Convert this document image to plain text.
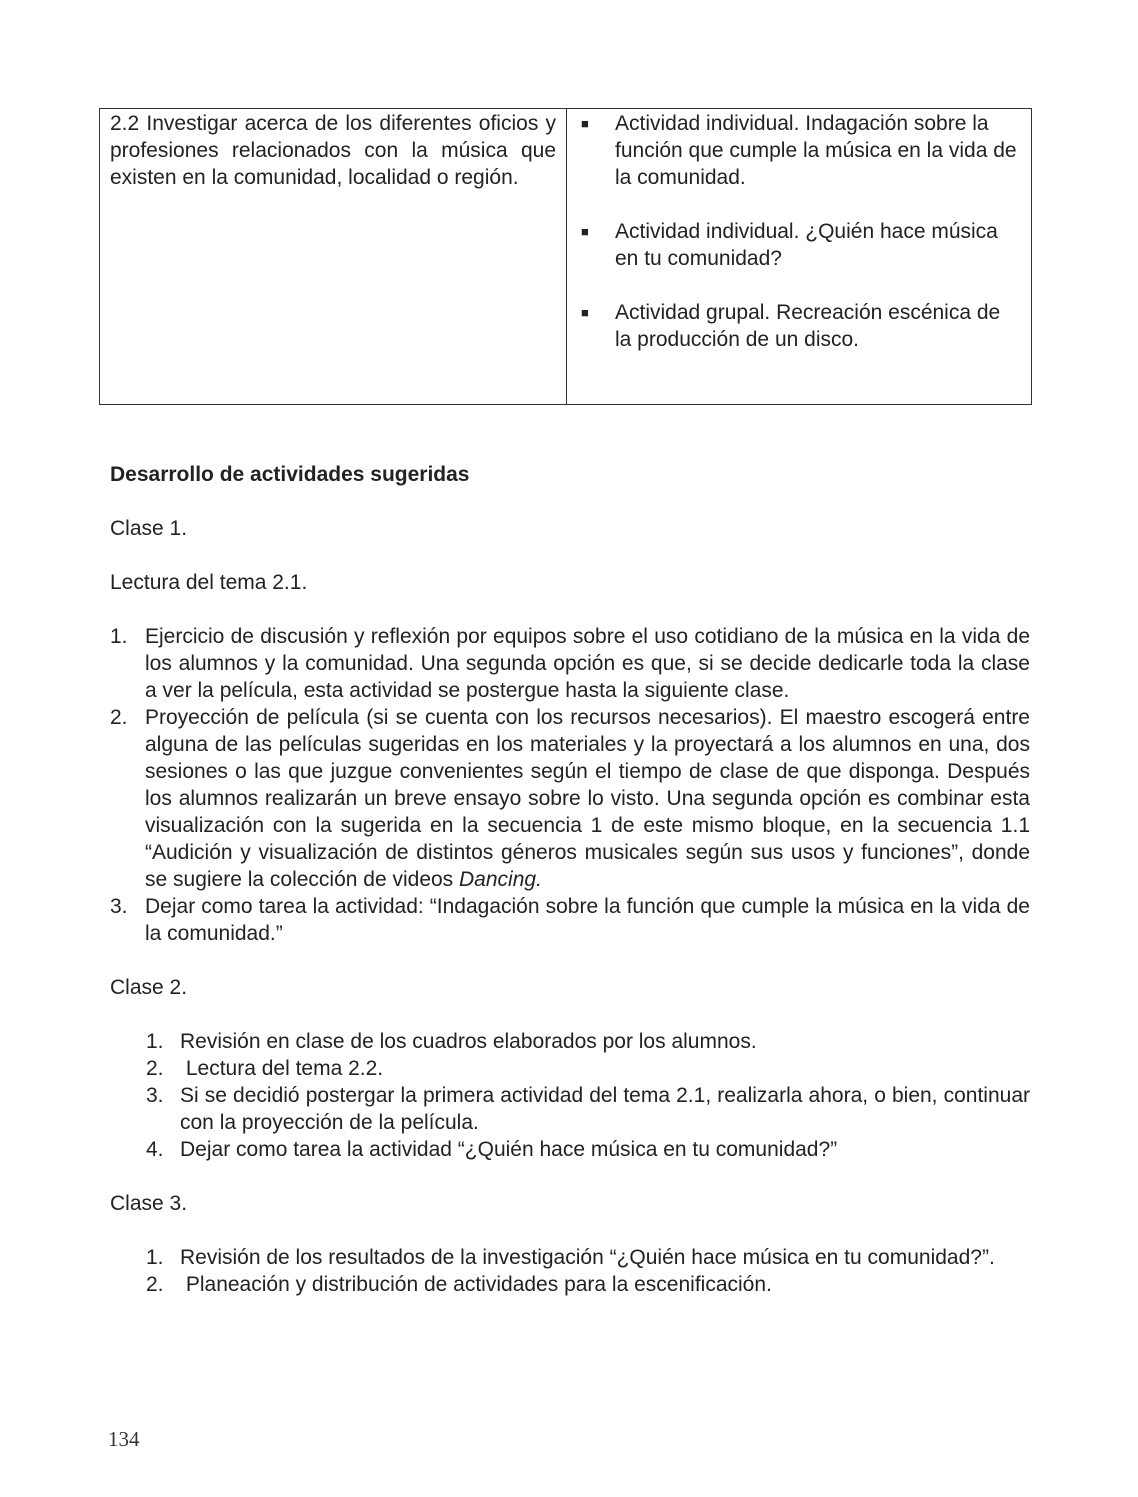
2.2 Investigar acerca de los diferentes oficios y profesiones relacionados con la música que existen en la comunidad, localidad o región.
■	Actividad individual. Indagación sobre la función que cumple la música en la vida de la comunidad.
■	Actividad individual. ¿Quién hace música en tu comunidad?
■	Actividad grupal. Recreación escénica de la producción de un disco.
Desarrollo de actividades sugeridas
Clase 1.
Lectura del tema 2.1.
1. Ejercicio de discusión y reflexión por equipos sobre el uso cotidiano de la música en la vida de los alumnos y la comunidad. Una segunda opción es que, si se decide dedicarle toda la clase a ver la película, esta actividad se postergue hasta la siguiente clase.
2. Proyección de película (si se cuenta con los recursos necesarios). El maestro escogerá entre alguna de las películas sugeridas en los materiales y la proyectará a los alumnos en una, dos sesiones o las que juzgue convenientes según el tiempo de clase de que disponga. Después los alumnos realizarán un breve ensayo sobre lo visto. Una segunda opción es combinar esta visualización con la sugerida en la secuencia 1 de este mismo bloque, en la secuencia 1.1 “Audición y visualización de distintos géneros musicales según sus usos y funciones”, donde se sugiere la colección de videos Dancing.
3. Dejar como tarea la actividad: “Indagación sobre la función que cumple la música en la vida de la comunidad.”
Clase 2.
1. Revisión en clase de los cuadros elaborados por los alumnos.
2. Lectura del tema 2.2.
3. Si se decidió postergar la primera actividad del tema 2.1, realizarla ahora, o bien, continuar con la proyección de la película.
4. Dejar como tarea la actividad “¿Quién hace música en tu comunidad?”
Clase 3.
1. Revisión de los resultados de la investigación “¿Quién hace música en tu comunidad?”.
2. Planeación y distribución de actividades para la escenificación.
134
